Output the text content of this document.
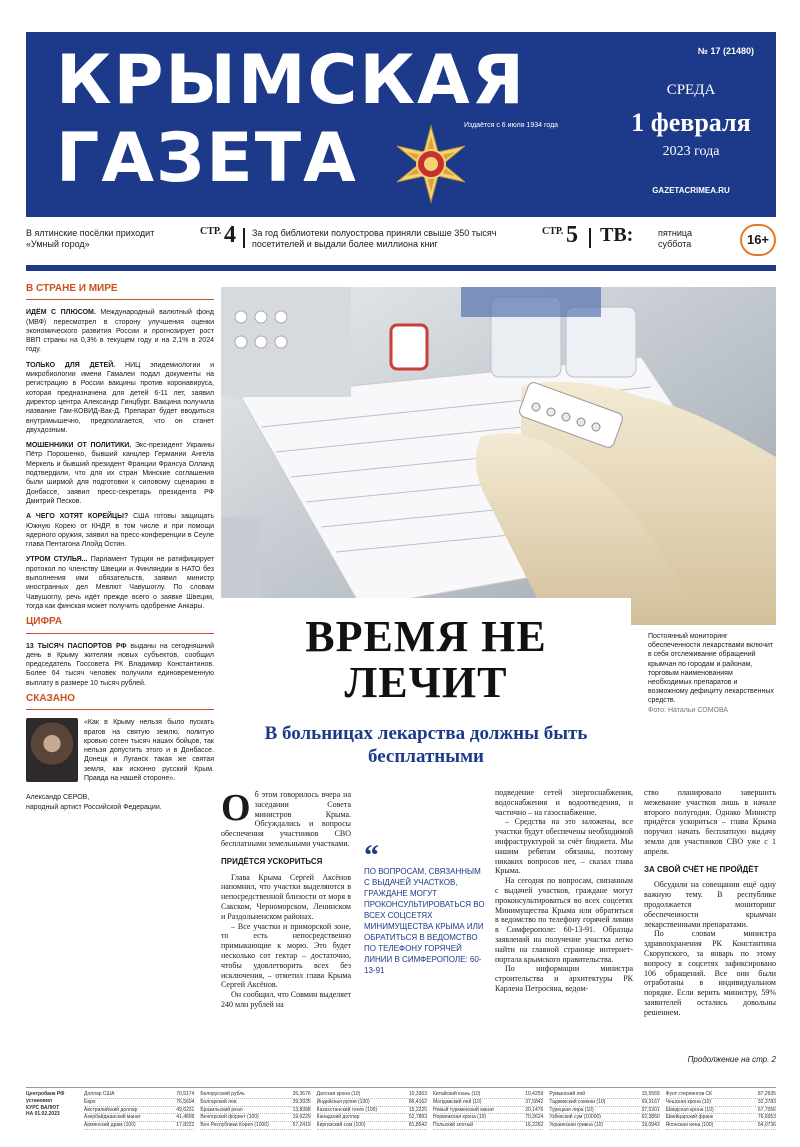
КРЫМСКАЯ
ГАЗЕТА	Издаётся с 6 июля 1934 года
№ 17 (21480)
СРЕДА
1 февраля
2023 года
GAZETACRIMEA.RU
В ялтинские посёлки приходит «Умный город»
СТР. 4 За год библиотеки полуострова приняли свыше 350 тысяч посетителей и выдали более миллиона книг
СТР. 5 ТВ:	пятница суббота	16+
В СТРАНЕ И МИРЕ
ИДЁМ С ПЛЮСОМ. Международный валютный фонд (МВФ) пересмотрел в сторону улучшения оценки экономического развития России и прогнозирует рост ВВП страны на 0,3% в текущем году и на 2,1% в 2024 году.
ТОЛЬКО ДЛЯ ДЕТЕЙ. НИЦ эпидемиологии и микробиологии имени Гамалеи подал документы на регистрацию в России вакцины против коронавируса, которая предназначена для детей 6-11 лет, заявил директор центра Александр Гинцбург. Вакцина получила название Гам-КОВИД-Вак-Д. Препарат будет вводиться внутримышечно, предполагается, что он станет двухдозным.
МОШЕННИКИ ОТ ПОЛИТИКИ. Экс-президент Украины Пётр Порошенко, бывший канцлер Германии Ангела Меркель и бывший президент Франции Франсуа Олланд подтвердили, что для их стран Минские соглашения были ширмой для подготовки к силовому сценарию в Донбассе, заявил пресс-секретарь президента РФ Дмитрий Песков.
А ЧЕГО ХОТЯТ КОРЕЙЦЫ? США готовы защищать Южную Корею от КНДР, в том числе и при помощи ядерного оружия, заявил на пресс-конференции в Сеуле глава Пентагона Ллойд Остин.
УТРОМ СТУЛЬЯ... Парламент Турции не ратифицирует протокол по членству Швеции и Финляндии в НАТО без выполнения ими обязательств, заявил министр иностранных дел Мевлют Чавушоглу. По словам Чавушоглу, речь идёт прежде всего о заявке Швеции, тогда как финская может получить одобрение Анкары.
ЦИФРА
13 ТЫСЯЧ ПАСПОРТОВ РФ выданы на сегодняшний день в Крыму жителям новых субъектов, сообщил председатель Госсовета РК Владимир Константинов. Более 64 тысяч человек получили единовременную выплату в размере 10 тысяч рублей.
СКАЗАНО
«Как в Крыму нельзя было пускать врагов на святую землю, политую кровью сотен тысяч наших бойцов, так нельзя допустить этого и в Донбассе. Донецк и Луганск такая же святая земля, как исконно русский Крым. Правда на нашей стороне».
Александр СЕРОВ,
народный артист Российской Федерации.
ВРЕМЯ НЕ ЛЕЧИТ
В больницах лекарства должны быть бесплатными
Постоянный мониторинг обеспеченности лекарствами включит в себя отслеживание обращений крымчан по городам и районам, торговым наименованиям необходимых препаратов и возможному дефициту лекарственных средств.
Фото: Натальи СОМОВА
О б этом говорилось вчера на заседании Совета министров Крыма. Обсуждались и вопросы обеспечения участников СВО бесплатными земельными участками.
ПРИДЁТСЯ УСКОРИТЬСЯ

Глава Крыма Сергей Аксёнов напомнил, что участки выделяются в непосредственной близости от моря в Сакском, Черноморском, Ленинском и Раздольненском районах.

– Все участки и приморской зоне, то есть непосредственно примыкающие к морю. Это будет несколько сот гектар – достаточно, чтобы удовлетворить всех без исключения, – отметил глава Крыма Сергей Аксёнов.

Он сообщил, что Совмин выделяет 240 млн рублей на

“
ПО ВОПРОСАМ, СВЯЗАННЫМ С ВЫДАЧЕЙ УЧАСТКОВ, ГРАЖДАНЕ МОГУТ ПРОКОНСУЛЬТИРОВАТЬСЯ ВО ВСЕХ СОЦСЕТЯХ МИНИМУЩЕСТВА КРЫМА ИЛИ ОБРАТИТЬСЯ В ВЕДОМСТВО ПО ТЕЛЕФОНУ ГОРЯЧЕЙ ЛИНИИ В СИМФЕРОПОЛЕ: 60-13-91

подведение сетей энергоснабжения, водоснабжения и водоотведения, и частично – на газоснабжение.

– Средства на это заложены, все участки будут обеспечены необходимой инфраструктурой за счёт бюджета. Мы нашим ребятам обязаны, поэтому никаких вопросов нет, – сказал глава Крыма.

На сегодня по вопросам, связанным с выдачей участков, граждане могут проконсультироваться во всех соцсетях Минимущества Крыма или обратиться в ведомство по телефону горячей линии в Симферополе: 60-13-91. Образцы заявлений на получение участка легко найти на главной странице интернет-портала крымского правительства.

По информации министра строительства и архитектуры РК Карлена Петросяна, ведом-

ство планировало завершить межевание участков лишь в начале второго полугодия. Однако Министр придётся ускориться – глава Крыма поручил начать бесплатную выдачу земли для участников СВО уже с 1 апреля.

ЗА СВОЙ СЧЁТ НЕ ПРОЙДЁТ

Обсудили на совещании ещё одну важную тему. В республике продолжается мониторинг обеспеченности крымчан лекарственными препаратами.

По словам министра здравоохранения РК Константина Скорупского, за январь по этому вопросу в соцсетях зафиксировано 106 обращений. Все они были отработаны в индивидуальном порядке. Если верить министру, 59% заявителей остались довольны решением.

Продолжение на стр. 2
Центробанк РФ
установил
КУРС ВАЛЮТ
НА 01.02.2023
Доллар США	70,5174
Евро	76,5604
Австралийский доллар	49,6231
Азербайджанский манат	41,4808
Армянский драм (100)	17,8222
Белорусский рубль	26,3676
Болгарский лев	39,3935
Бразильский реал	13,8388
Венгерский форинт (100)	19,6229
Вон Республики Корея (1000)	57,2419
Датская крона (10)	10,3363
Индийская рупия (100)	86,4162
Казахстанский тенге (100)	15,2225
Канадский доллар	52,7883
Киргизский сом (100)	81,8542
Китайский юань (10)	10,4259
Молдавский лей (10)	37,5842
Новый туркменский манат	20,1476
Норвежская крона (10)	70,3624
Польский злотый	16,2262
Румынский лей	15,5569
Таджикский сомони (10)	69,3167
Турецкая лира (10)	37,5301
Узбекский сум (10000)	62,3860
Украинская гривна (10)	19,0943
Фунт стерлингов СК	87,2935
Чешская крона (10)	32,3783
Шведская крона (10)	67,7056
Швейцарский франк	76,6953
Японская иена (100)	54,0736
